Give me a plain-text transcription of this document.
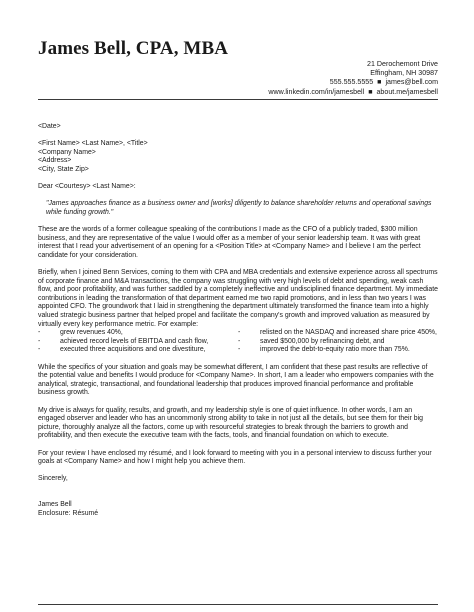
James Bell, CPA, MBA
21 Derochemont Drive
Effingham, NH 30987
555.555.5555 ■ james@bell.com
www.linkedin.com/in/jamesbell ■ about.me/jamesbell

<Date>

<First Name> <Last Name>, <Title>

<Company Name>

<Address>

<City, State Zip>

Dear <Courtesy> <Last Name>:

"James approaches finance as a business owner and [works] diligently to balance shareholder returns and operational savings while funding growth."

These are the words of a former colleague speaking of the contributions I made as the CFO of a publicly traded, $300 million business, and they are representative of the value I would offer as a member of your senior leadership team. It was with great interest that I read your advertisement of an opening for a <Position Title> at <Company Name> and I believe I am the perfect candidate for your consideration.

Briefly, when I joined Benn Services, coming to them with CPA and MBA credentials and extensive experience across all spectrums of corporate finance and M&A transactions, the company was struggling with very high levels of debt and spending, weak cash flow, and poor profitability, and was further saddled by a completely ineffective and undisciplined finance department. My immediate contributions in leading the transformation of that department earned me two rapid promotions, and in less than two years I was appointed CFO. The groundwork that I laid in strengthening the department ultimately transformed the finance team into a highly valued strategic business partner that helped propel and facilitate the company's growth and improved valuation as measured by virtually every key performance metric. For example:

-	grew revenues 40%,
-	achieved record levels of EBITDA and cash flow,
-	executed three acquisitions and one divestiture,
-	relisted on the NASDAQ and increased share price 450%,
-	saved $500,000 by refinancing debt, and
-	improved the debt-to-equity ratio more than 75%.

While the specifics of your situation and goals may be somewhat different, I am confident that these past results are reflective of the potential value and benefits I would produce for <Company Name>. In short, I am a leader who empowers companies with the analytical, strategic, transactional, and foundational leadership that produces improved financial performance and profitable business growth.

My drive is always for quality, results, and growth, and my leadership style is one of quiet influence. In other words, I am an engaged observer and leader who has an uncommonly strong ability to take in not just all the details, but see them for their big picture, thoroughly analyze all the factors, come up with resourceful strategies to break through the barriers to growth and profitability, and then execute the executive team with the facts, tools, and financial foundation on which to execute.

For your review I have enclosed my résumé, and I look forward to meeting with you in a personal interview to discuss further your goals at <Company Name> and how I might help you achieve them.

Sincerely,

James Bell

Enclosure: Résumé
